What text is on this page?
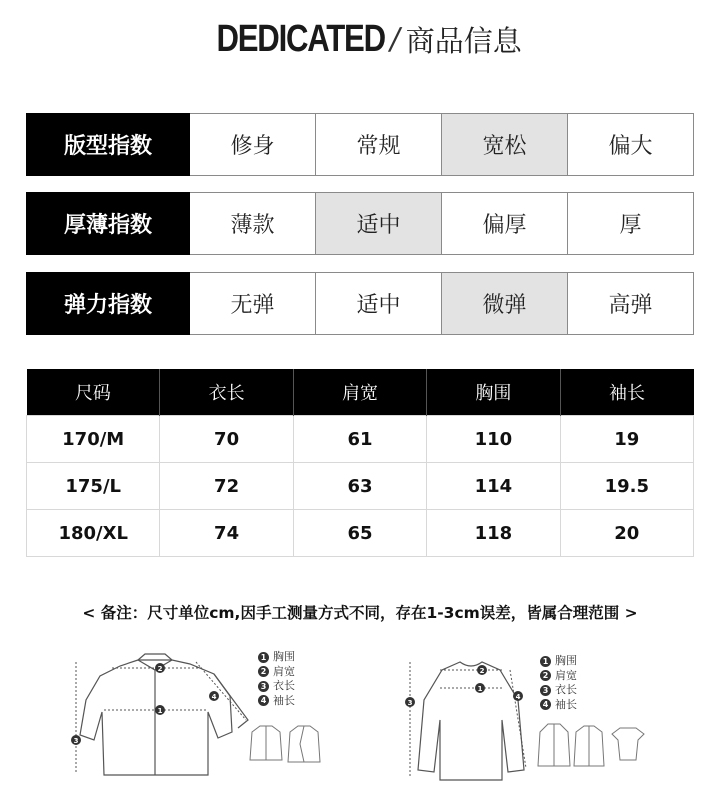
DEDICATED / 商品信息
版型指数	修身	常规	宽松	偏大
厚薄指数	薄款	适中	偏厚	厚
弹力指数	无弹	适中	微弹	高弹
尺码	衣长	肩宽	胸围	袖长
170/M	70	61	110	19
175/L	72	63	114	19.5
180/XL	74	65	118	20
< 备注：尺寸单位cm,因手工测量方式不同，存在1-3cm误差，皆属合理范围 >
2
1
3
4
1 胸围
2 肩宽
3 衣长
4 袖长
2
1
3
4
1 胸围
2 肩宽
3 衣长
4 袖长
